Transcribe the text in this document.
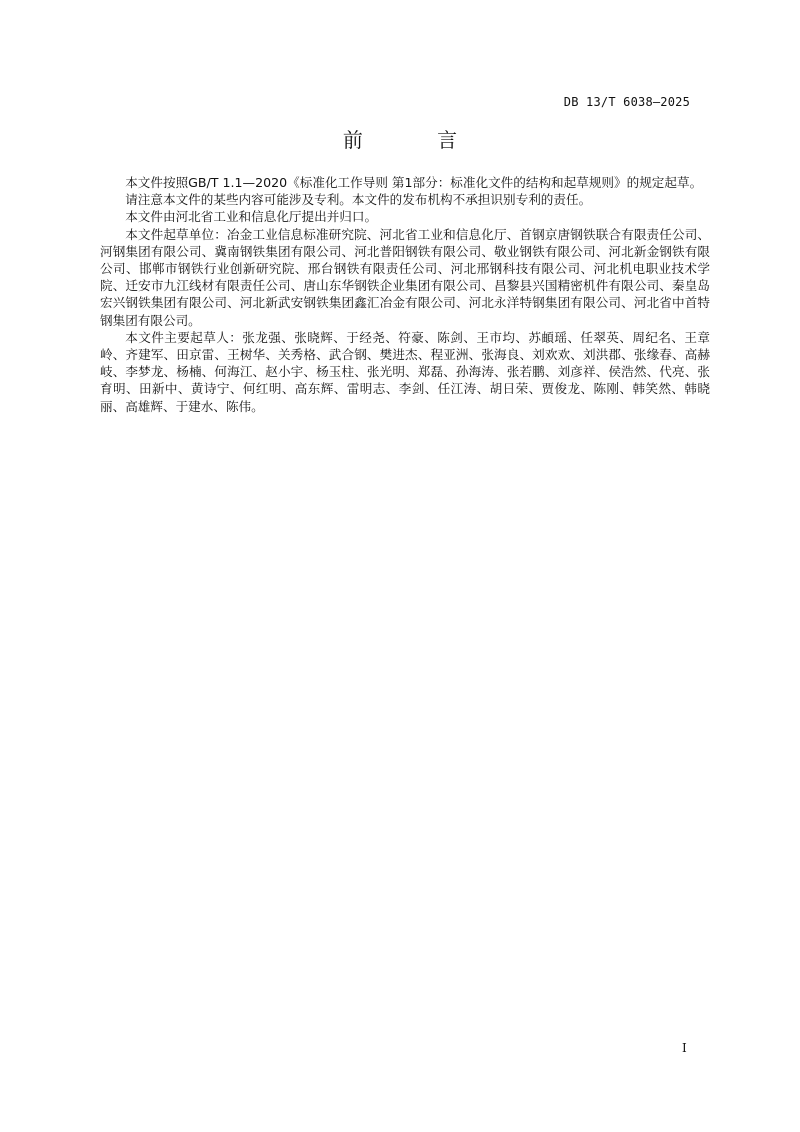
DB 13/T 6038—2025
前 言

本文件按照GB/T 1.1—2020《标准化工作导则 第1部分：标准化文件的结构和起草规则》的规定起草。

请注意本文件的某些内容可能涉及专利。本文件的发布机构不承担识别专利的责任。

本文件由河北省工业和信息化厅提出并归口。

本文件起草单位：冶金工业信息标准研究院、河北省工业和信息化厅、首钢京唐钢铁联合有限责任公司、河钢集团有限公司、冀南钢铁集团有限公司、河北普阳钢铁有限公司、敬业钢铁有限公司、河北新金钢铁有限公司、邯郸市钢铁行业创新研究院、邢台钢铁有限责任公司、河北邢钢科技有限公司、河北机电职业技术学院、迁安市九江线材有限责任公司、唐山东华钢铁企业集团有限公司、昌黎县兴国精密机件有限公司、秦皇岛宏兴钢铁集团有限公司、河北新武安钢铁集团鑫汇冶金有限公司、河北永洋特钢集团有限公司、河北省中首特钢集团有限公司。

本文件主要起草人：张龙强、张晓辉、于经尧、符豪、陈剑、王市均、苏頔瑶、任翠英、周纪名、王章岭、齐建军、田京雷、王树华、关秀格、武合钢、樊进杰、程亚洲、张海良、刘欢欢、刘洪郡、张缘春、高赫岐、李梦龙、杨楠、何海江、赵小宇、杨玉柱、张光明、郑磊、孙海涛、张若鹏、刘彦祥、侯浩然、代亮、张育明、田新中、黄诗宁、何红明、高东辉、雷明志、李剑、任江涛、胡日荣、贾俊龙、陈刚、韩笑然、韩晓丽、高雄辉、于建水、陈伟。

I
